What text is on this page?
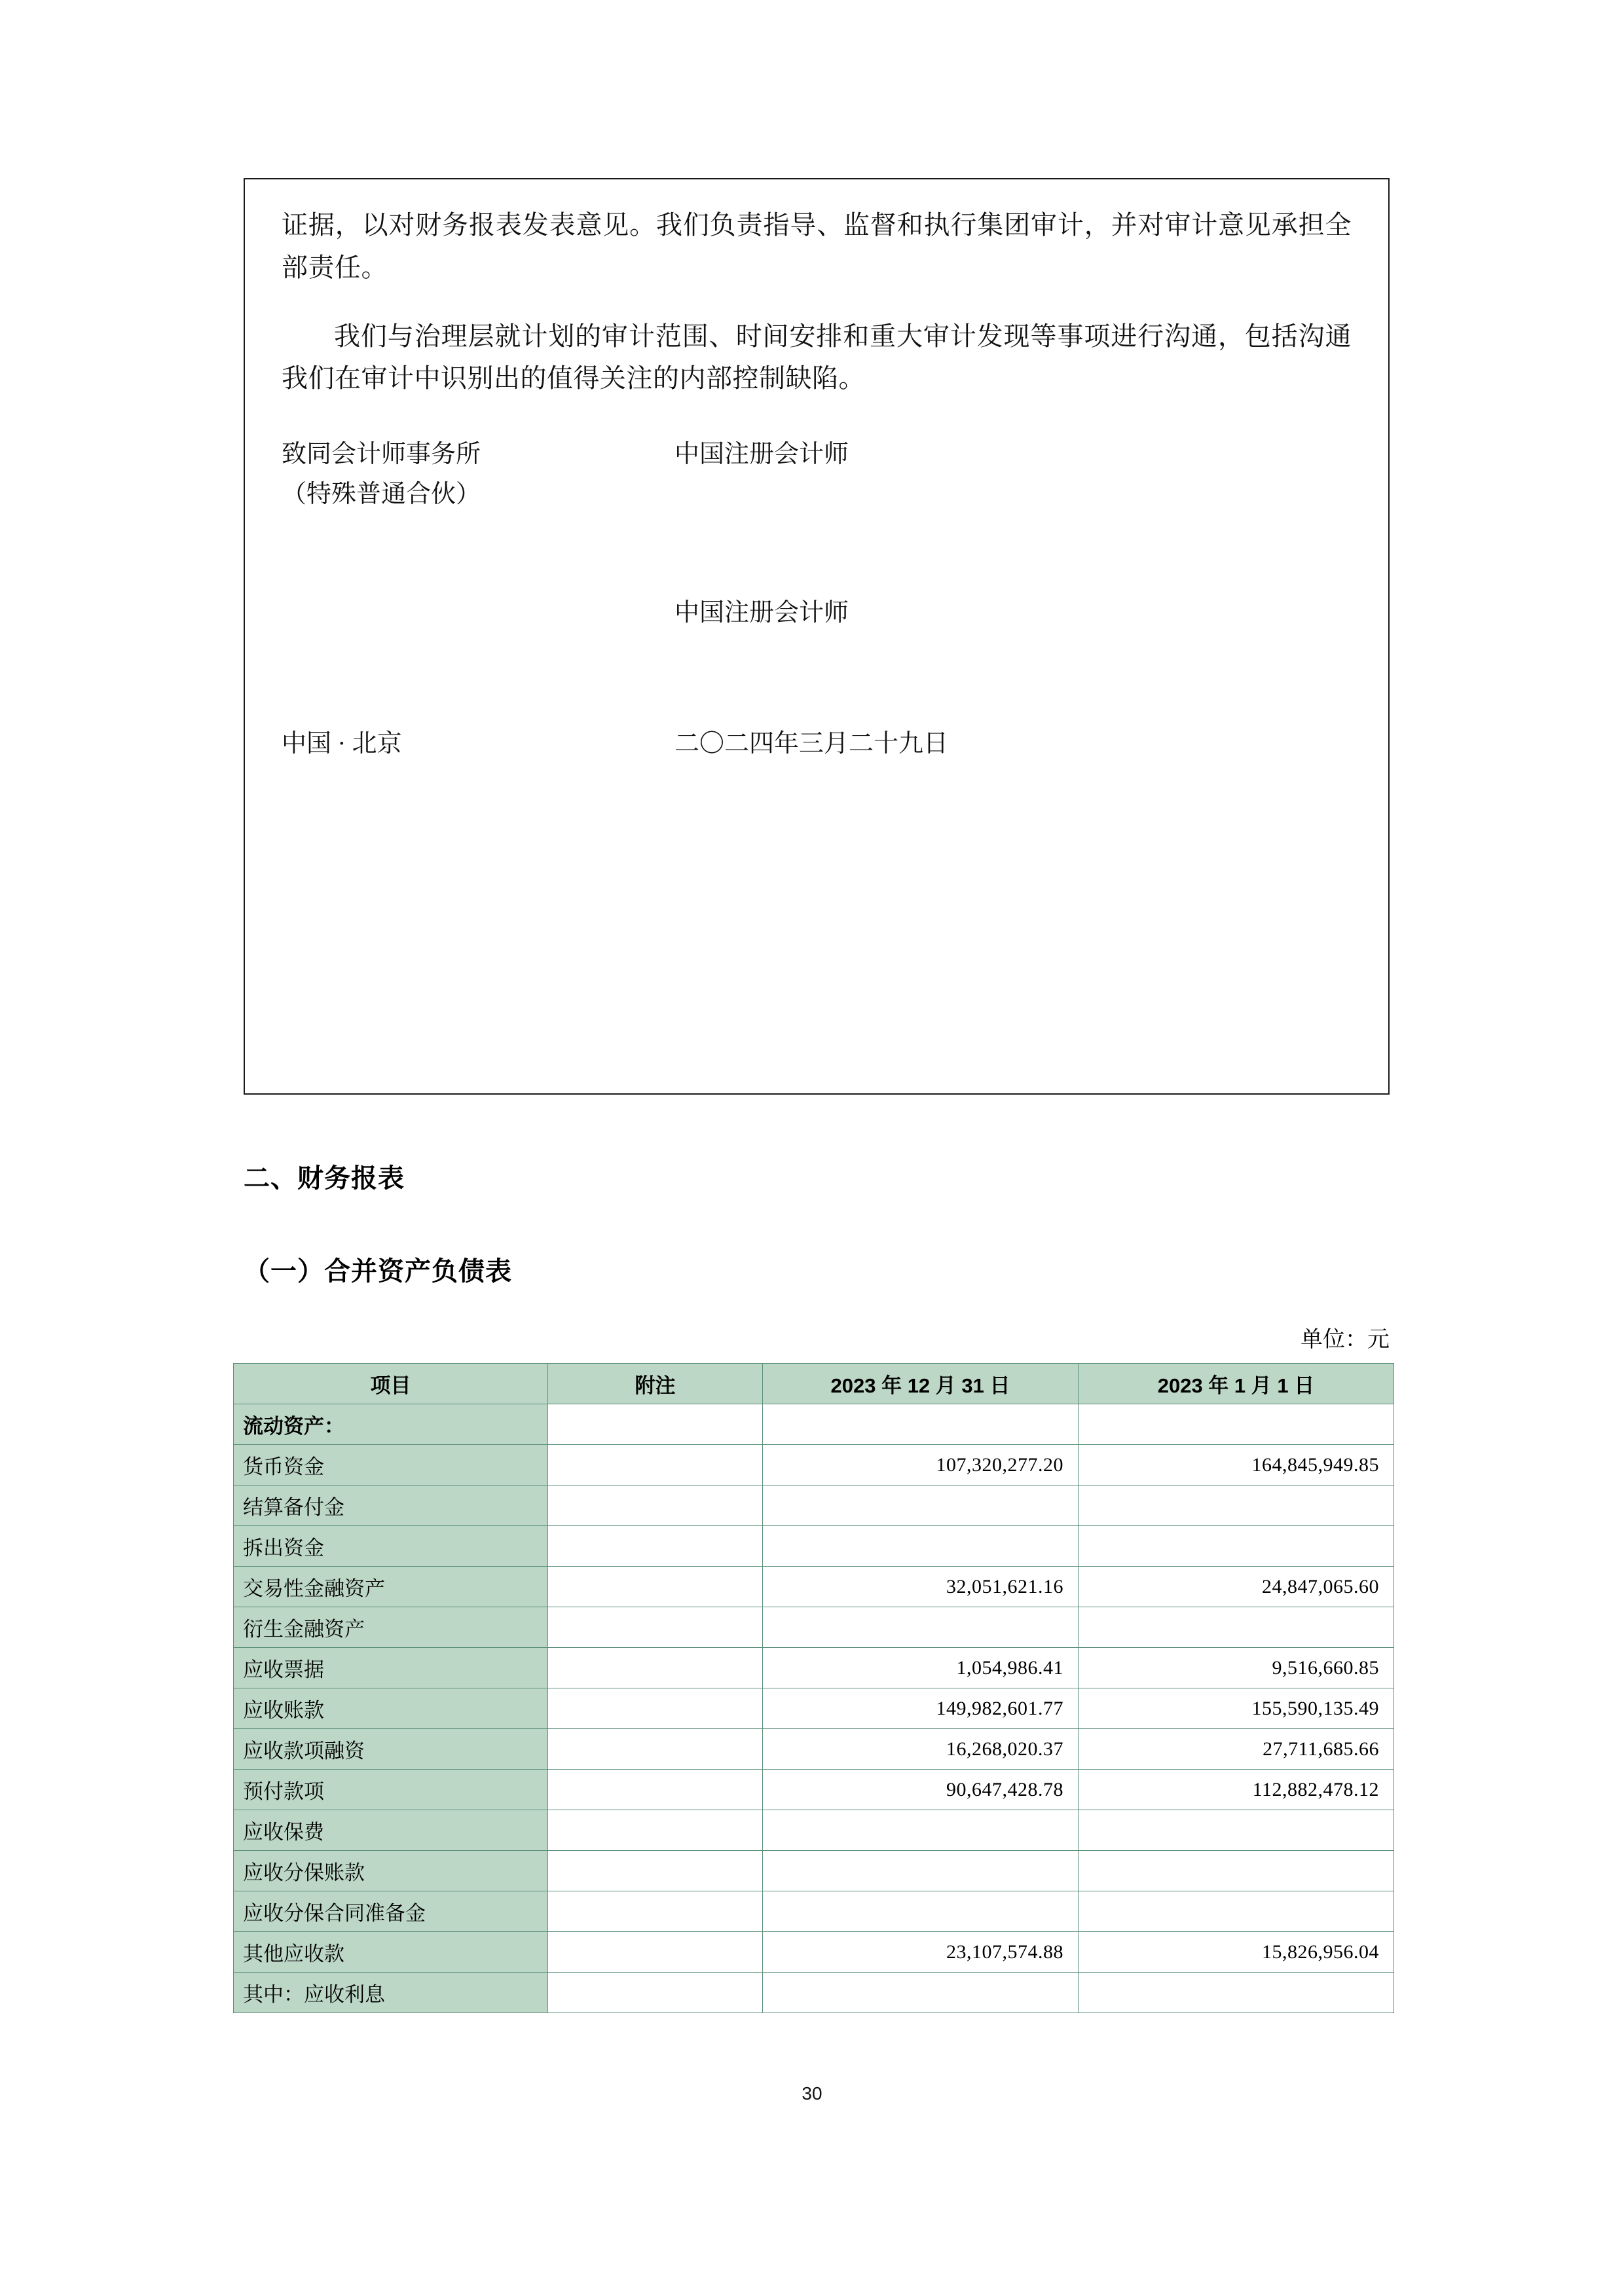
证据，以对财务报表发表意见。我们负责指导、监督和执行集团审计，并对审计意见承担全部责任。
我们与治理层就计划的审计范围、时间安排和重大审计发现等事项进行沟通，包括沟通我们在审计中识别出的值得关注的内部控制缺陷。
致同会计师事务所
（特殊普通合伙）
中国注册会计师
中国注册会计师
中国 · 北京	二〇二四年三月二十九日
二、财务报表
（一）合并资产负债表
单位：元
项目	附注	2023 年 12 月 31 日	2023 年 1 月 1 日
流动资产：			
货币资金		107,320,277.20	164,845,949.85
结算备付金			
拆出资金			
交易性金融资产		32,051,621.16	24,847,065.60
衍生金融资产			
应收票据		1,054,986.41	9,516,660.85
应收账款		149,982,601.77	155,590,135.49
应收款项融资		16,268,020.37	27,711,685.66
预付款项		90,647,428.78	112,882,478.12
应收保费			
应收分保账款			
应收分保合同准备金			
其他应收款		23,107,574.88	15,826,956.04
其中：应收利息			
30
